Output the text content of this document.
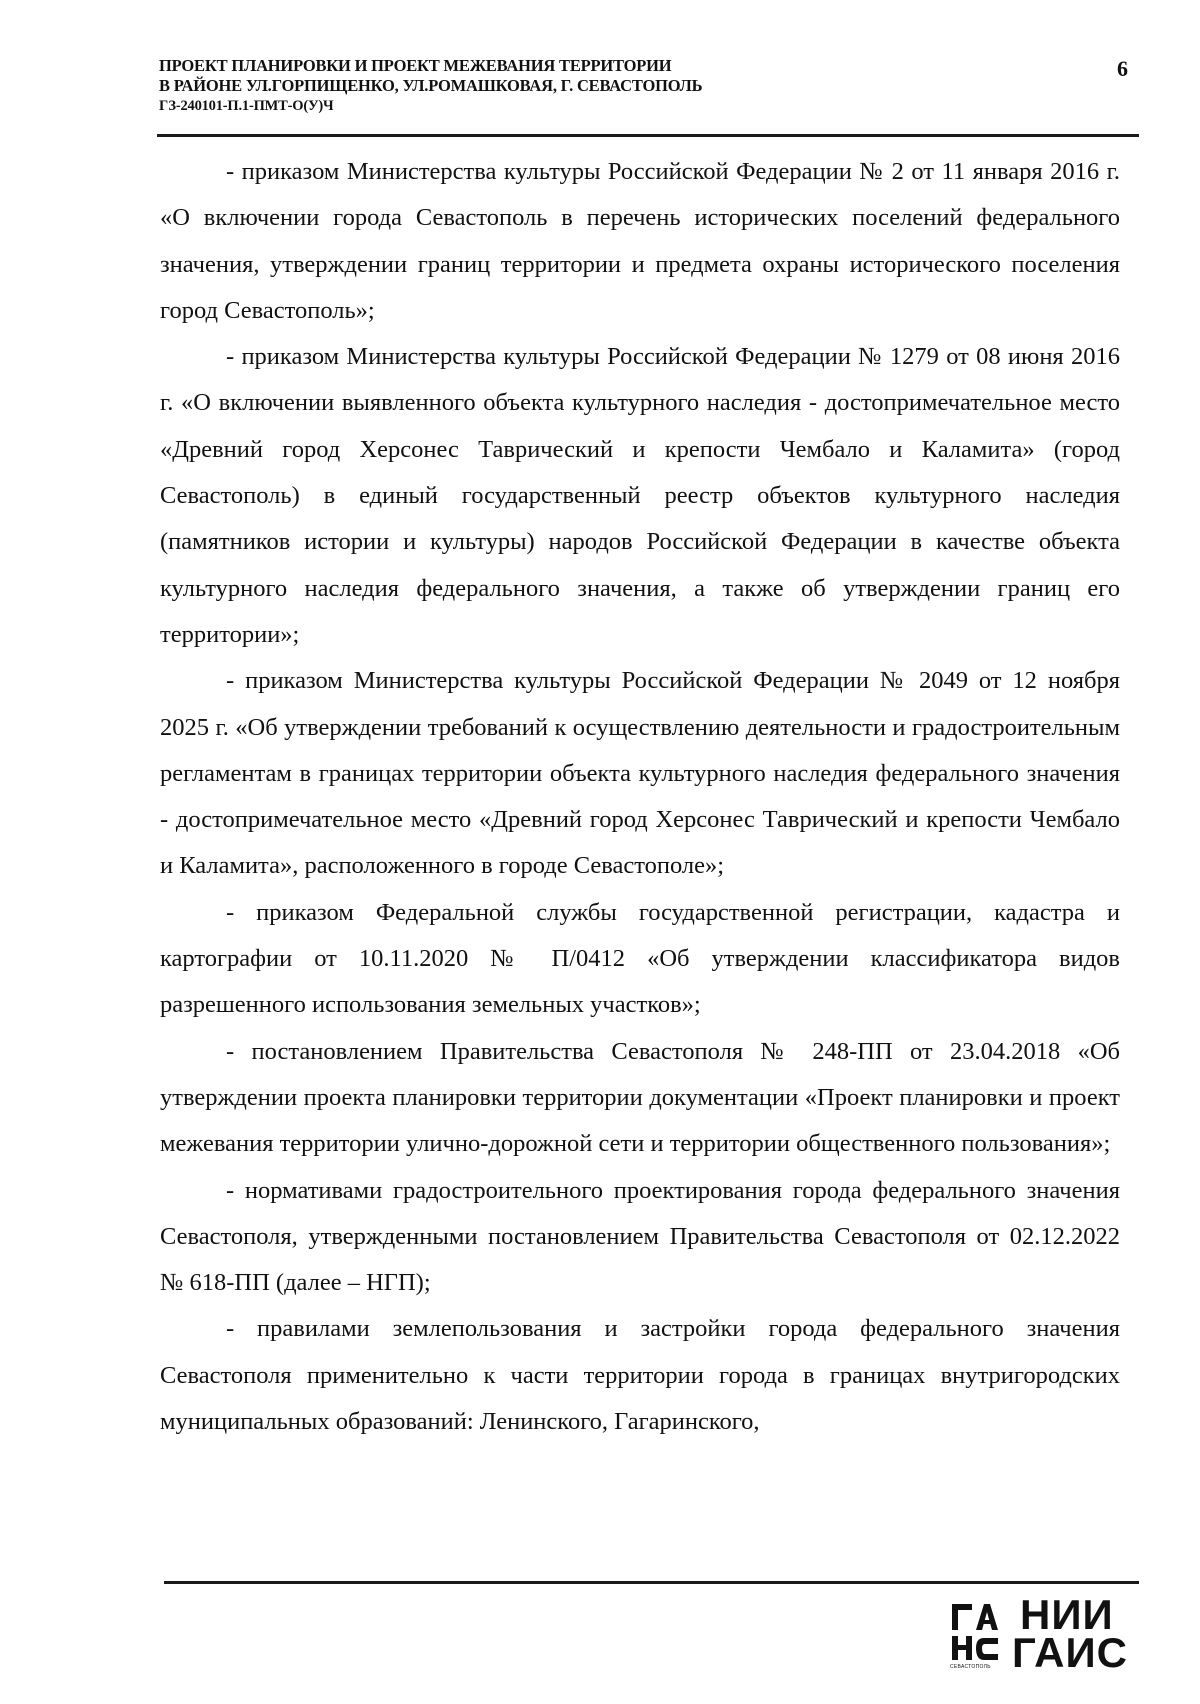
ПРОЕКТ ПЛАНИРОВКИ И ПРОЕКТ МЕЖЕВАНИЯ ТЕРРИТОРИИ
В РАЙОНЕ УЛ.ГОРПИЩЕНКО, УЛ.РОМАШКОВАЯ, Г. СЕВАСТОПОЛЬ
ГЗ-240101-П.1-ПМТ-О(У)Ч
6

- приказом Министерства культуры Российской Федерации № 2 от 11 января 2016 г. «О включении города Севастополь в перечень исторических поселений федерального значения, утверждении границ территории и предмета охраны исторического поселения город Севастополь»;

- приказом Министерства культуры Российской Федерации № 1279 от 08 июня 2016 г. «О включении выявленного объекта культурного наследия - достопримечательное место «Древний город Херсонес Таврический и крепости Чембало и Каламита» (город Севастополь) в единый государственный реестр объектов культурного наследия (памятников истории и культуры) народов Российской Федерации в качестве объекта культурного наследия федерального значения, а также об утверждении границ его территории»;

- приказом Министерства культуры Российской Федерации № 2049 от 12 ноября 2025 г. «Об утверждении требований к осуществлению деятельности и градостроительным регламентам в границах территории объекта культурного наследия федерального значения - достопримечательное место «Древний город Херсонес Таврический и крепости Чембало и Каламита», расположенного в городе Севастополе»;

- приказом Федеральной службы государственной регистрации, кадастра и картографии от 10.11.2020 № П/0412 «Об утверждении классификатора видов разрешенного использования земельных участков»;

- постановлением Правительства Севастополя № 248-ПП от 23.04.2018 «Об утверждении проекта планировки территории документации «Проект планировки и проект межевания территории улично-дорожной сети и территории общественного пользования»;

- нормативами градостроительного проектирования города федерального значения Севастополя, утвержденными постановлением Правительства Севастополя от 02.12.2022 № 618-ПП (далее – НГП);

- правилами землепользования и застройки города федерального значения Севастополя применительно к части территории города в границах внутригородских муниципальных образований: Ленинского, Гагаринского,

СЕВАСТОПОЛЬ
НИИ
ГАИС
